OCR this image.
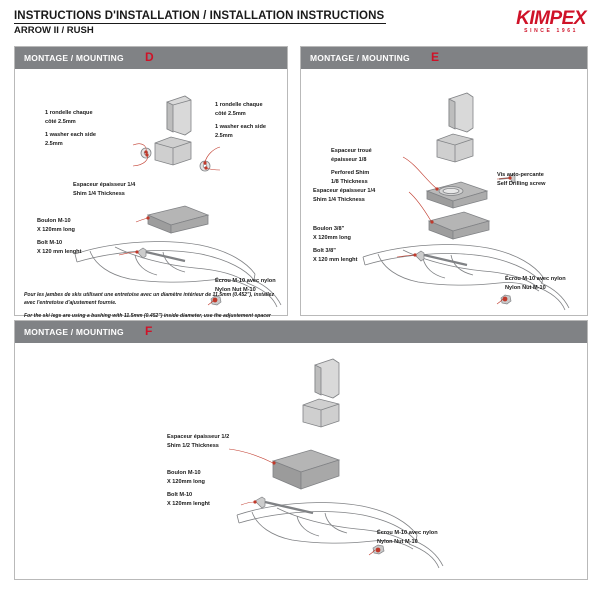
INSTRUCTIONS D'INSTALLATION / INSTALLATION INSTRUCTIONS
ARROW II / RUSH
KIMPEX
SINCE 1961
MONTAGE / MOUNTING D
1 rondelle chaque
côté 2.5mm
1 washer each side
2.5mm
1 rondelle chaque
côté 2.5mm
1 washer each side
2.5mm
Espaceur épaisseur 1/4
Shim 1/4 Thickness
Boulon M-10
X 120mm long
Bolt M-10
X 120 mm lenght
Écrou M-10 avec nylon
Nylon Nut M-10
Pour les jambes de skis utilisant une entretoise avec un diamètre intérieur de 11.5mm (0.452"), installez avec l'entretoise d'ajustement fournie.
For the ski legs are using a bushing with 11.5mm (0.452") inside diameter, use the adjustement spacer
MONTAGE / MOUNTING E
Espaceur troué
épaisseur 1/8
Perfored Shim
1/8 Thickness
Vis auto-percante
Self Drilling screw
Espaceur épaisseur 1/4
Shim 1/4 Thickness
Boulon 3/8"
X 120mm long
Bolt 3/8"
X 120 mm lenght
Écrou M-10 avec nylon
Nylon Nut M-10
MONTAGE / MOUNTING F
Espaceur épaisseur 1/2
Shim 1/2 Thickness
Boulon M-10
X 120mm long
Bolt M-10
X 120mm lenght
Écrou M-10 avec nylon
Nylon Nut M-10
